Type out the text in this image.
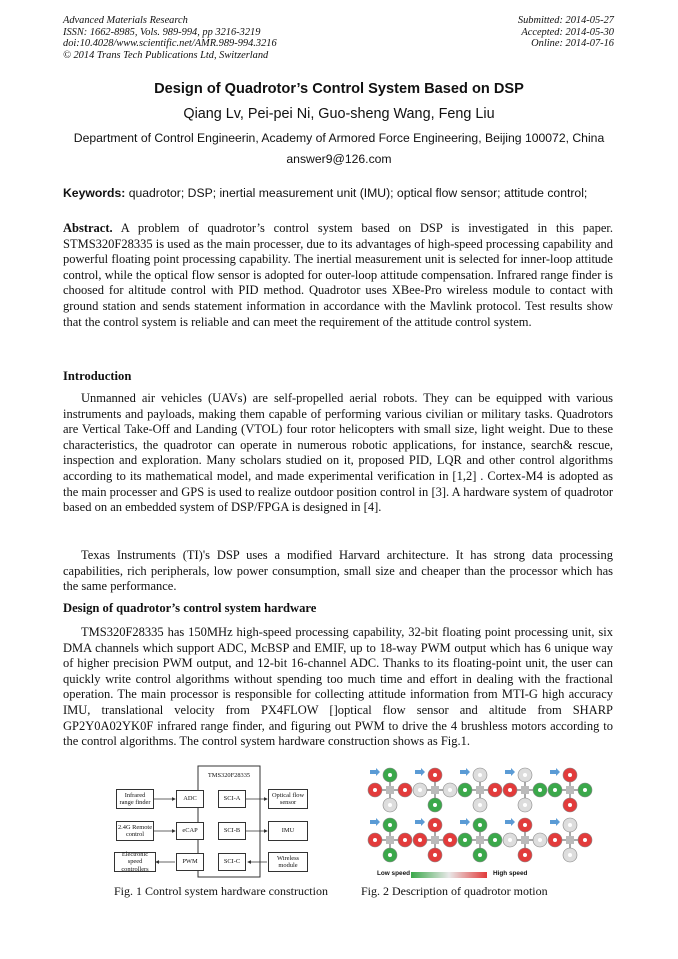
Advanced Materials Research
ISSN: 1662-8985, Vols. 989-994, pp 3216-3219
doi:10.4028/www.scientific.net/AMR.989-994.3216
© 2014 Trans Tech Publications Ltd, Switzerland
Submitted: 2014-05-27
Accepted: 2014-05-30
Online: 2014-07-16
Design of Quadrotor’s Control System Based on DSP
Qiang Lv, Pei-pei Ni, Guo-sheng Wang, Feng Liu
Department of Control Engineerin, Academy of Armored Force Engineering, Beijing 100072, China
answer9@126.com
Keywords: quadrotor; DSP; inertial measurement unit (IMU); optical flow sensor; attitude control;
Abstract. A problem of quadrotor’s control system based on DSP is investigated in this paper. STMS320F28335 is used as the main processer, due to its advantages of high-speed processing capability and powerful floating point processing capability. The inertial measurement unit is selected for inner-loop attitude control, while the optical flow sensor is adopted for outer-loop attitude compensation. Infrared range finder is choosed for altitude control with PID method. Quadrotor uses XBee-Pro wireless module to contact with ground station and sends statement information in accordance with the Mavlink protocol. Test results show that the control system is reliable and can meet the requirement of the attitude control system.
Introduction
Unmanned air vehicles (UAVs) are self-propelled aerial robots. They can be equipped with various instruments and payloads, making them capable of performing various civilian or military tasks. Quadrotors are Vertical Take-Off and Landing (VTOL) four rotor helicopters with small size, light weight. Due to these characteristics, the quadrotor can operate in numerous robotic applications, for instance, search& rescue, inspection and exploration. Many scholars studied on it, proposed PID, LQR and other control algorithms according to its mathematical model, and made experimental verification in [1,2] . Cortex-M4 is adopted as the main processer and GPS is used to realize outdoor position control in [3]. A hardware system of quadrotor based on an embedded system of DSP/FPGA is designed in [4].
Texas Instruments (TI)'s DSP uses a modified Harvard architecture. It has strong data processing capabilities, rich peripherals, low power consumption, small size and cheaper than the processor which has the same performance.
Design of quadrotor’s control system hardware
TMS320F28335 has 150MHz high-speed processing capability, 32-bit floating point processing unit, six DMA channels which support ADC, McBSP and EMIF, up to 18-way PWM output which has 6 unique way of higher precision PWM output, and 12-bit 16-channel ADC. Thanks to its floating-point unit, the user can quickly write control algorithms without spending too much time and effort in dealing with the fractional operation. The main processor is responsible for collecting attitude information from MTI-G high accuracy IMU, translational velocity from PX4FLOW []optical flow sensor and altitude from SHARP GP2Y0A02YK0F infrared range finder, and figuring out PWM to drive the 4 brushless motors according to the control algorithms. The control system hardware construction shows as Fig.1.
TMS320F28335
Infrared range finder
2.4G Remote control
Electronic speed controllers
ADC
eCAP
PWM
SCI-A
SCI-B
SCI-C
Optical flow sensor
IMU
Wireless module
Fig. 1 Control system hardware construction
Low speed	High speed
Fig. 2 Description of quadrotor motion
